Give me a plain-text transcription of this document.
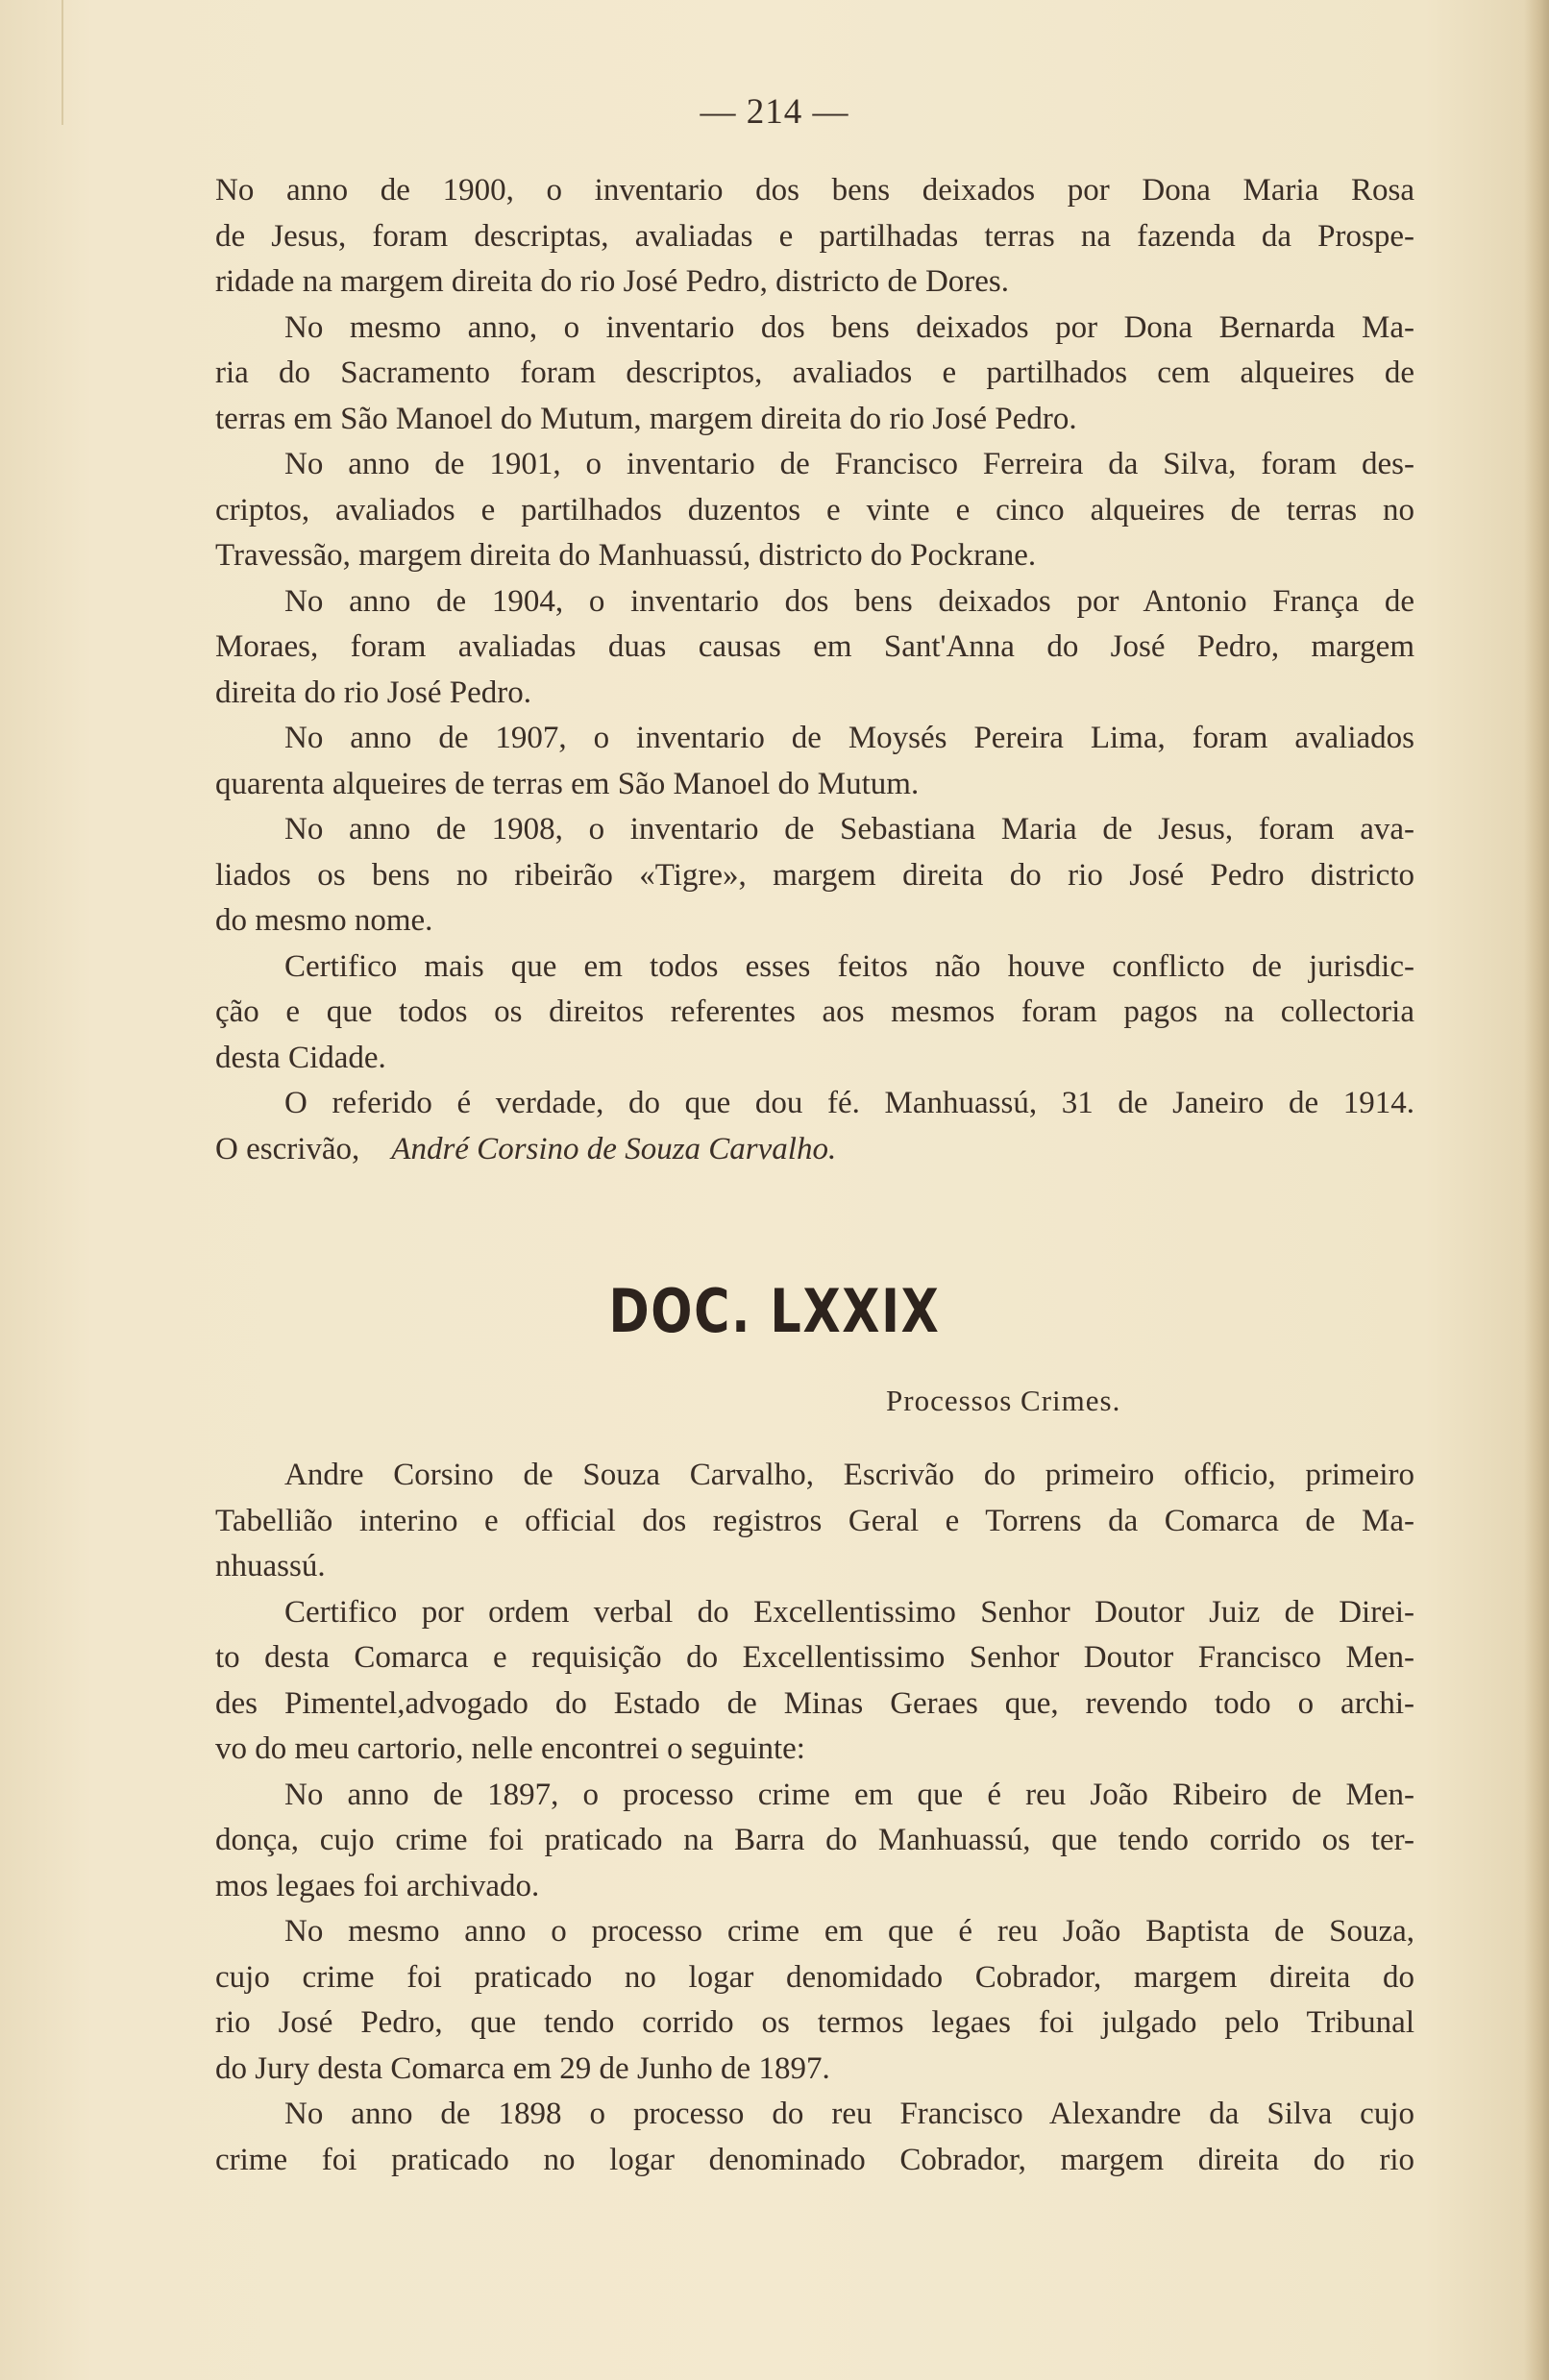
— 214 —
No anno de 1900, o inventario dos bens deixados por Dona Maria Rosa
de Jesus, foram descriptas, avaliadas e partilhadas terras na fazenda da Prospe-
ridade na margem direita do rio José Pedro, districto de Dores.
No mesmo anno, o inventario dos bens deixados por Dona Bernarda Ma-
ria do Sacramento foram descriptos, avaliados e partilhados cem alqueires de
terras em São Manoel do Mutum, margem direita do rio José Pedro.
No anno de 1901, o inventario de Francisco Ferreira da Silva, foram des-
criptos, avaliados e partilhados duzentos e vinte e cinco alqueires de terras no
Travessão, margem direita do Manhuassú, districto do Pockrane.
No anno de 1904, o inventario dos bens deixados por Antonio França de
Moraes, foram avaliadas duas causas em Sant'Anna do José Pedro, margem
direita do rio José Pedro.
No anno de 1907, o inventario de Moysés Pereira Lima, foram avaliados
quarenta alqueires de terras em São Manoel do Mutum.
No anno de 1908, o inventario de Sebastiana Maria de Jesus, foram ava-
liados os bens no ribeirão «Tigre», margem direita do rio José Pedro districto
do mesmo nome.
Certifico mais que em todos esses feitos não houve conflicto de jurisdic-
ção e que todos os direitos referentes aos mesmos foram pagos na collectoria
desta Cidade.
O referido é verdade, do que dou fé. Manhuassú, 31 de Janeiro de 1914.
O escrivão, André Corsino de Souza Carvalho.
DOC. LXXIX
Processos Crimes.
Andre Corsino de Souza Carvalho, Escrivão do primeiro officio, primeiro
Tabellião interino e official dos registros Geral e Torrens da Comarca de Ma-
nhuassú.
Certifico por ordem verbal do Excellentissimo Senhor Doutor Juiz de Direi-
to desta Comarca e requisição do Excellentissimo Senhor Doutor Francisco Men-
des Pimentel,advogado do Estado de Minas Geraes que, revendo todo o archi-
vo do meu cartorio, nelle encontrei o seguinte:
No anno de 1897, o processo crime em que é reu João Ribeiro de Men-
donça, cujo crime foi praticado na Barra do Manhuassú, que tendo corrido os ter-
mos legaes foi archivado.
No mesmo anno o processo crime em que é reu João Baptista de Souza,
cujo crime foi praticado no logar denomidado Cobrador, margem direita do
rio José Pedro, que tendo corrido os termos legaes foi julgado pelo Tribunal
do Jury desta Comarca em 29 de Junho de 1897.
No anno de 1898 o processo do reu Francisco Alexandre da Silva cujo
crime foi praticado no logar denominado Cobrador, margem direita do rio
